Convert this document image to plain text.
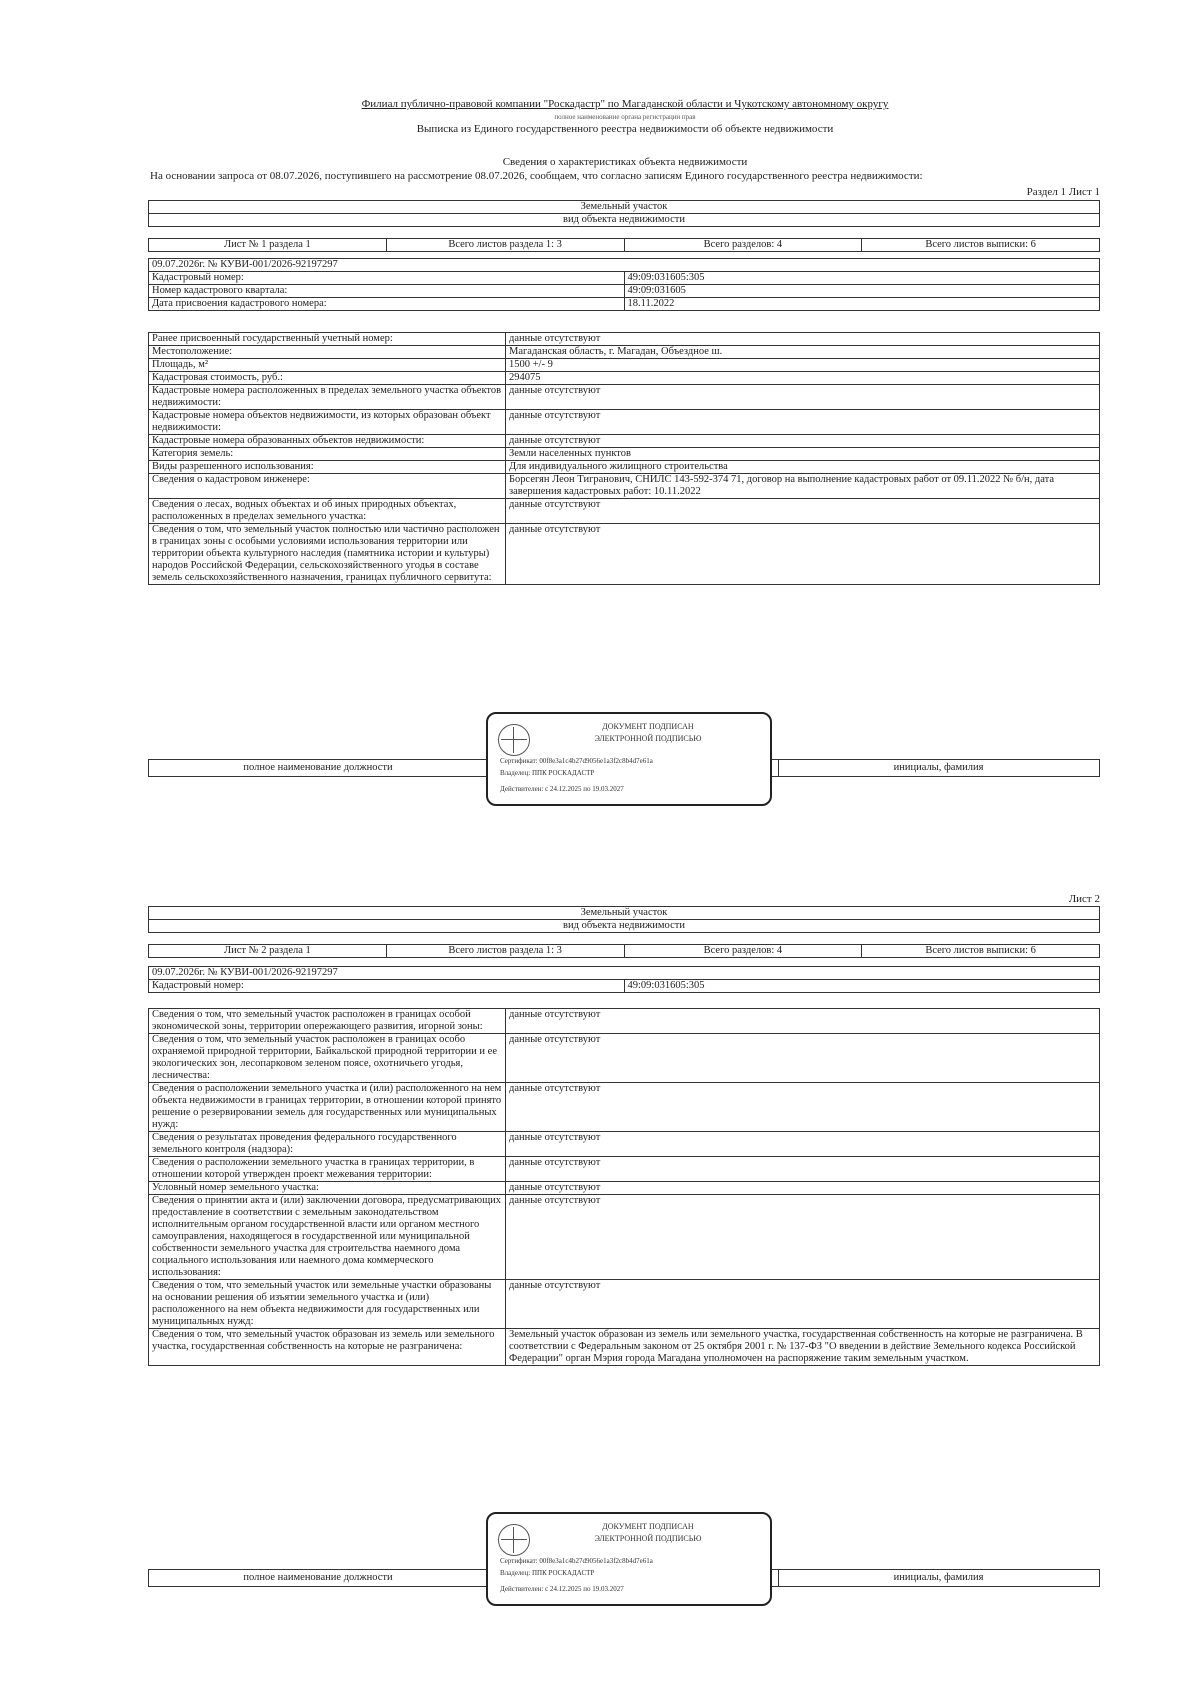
Филиал публично-правовой компании "Роскадастр" по Магаданской области и Чукотскому автономному округу
полное наименование органа регистрации прав
Выписка из Единого государственного реестра недвижимости об объекте недвижимости
Сведения о характеристиках объекта недвижимости
На основании запроса от 08.07.2026, поступившего на рассмотрение 08.07.2026, сообщаем, что согласно записям Единого государственного реестра недвижимости:
Раздел 1 Лист 1
Земельный участок
вид объекта недвижимости
Лист № 1 раздела 1	Всего листов раздела 1: 3	Всего разделов: 4	Всего листов выписки: 6
09.07.2026г. № КУВИ-001/2026-92197297	
Кадастровый номер:	49:09:031605:305
Номер кадастрового квартала:	49:09:031605
Дата присвоения кадастрового номера:	18.11.2022
Ранее присвоенный государственный учетный номер:	данные отсутствуют
Местоположение:	Магаданская область, г. Магадан, Объездное ш.
Площадь, м²	1500 +/- 9
Кадастровая стоимость, руб.:	294075
Кадастровые номера расположенных в пределах земельного участка объектов недвижимости:	данные отсутствуют
Кадастровые номера объектов недвижимости, из которых образован объект недвижимости:	данные отсутствуют
Кадастровые номера образованных объектов недвижимости:	данные отсутствуют
Категория земель:	Земли населенных пунктов
Виды разрешенного использования:	Для индивидуального жилищного строительства
Сведения о кадастровом инженере:	Борсегян Леон Тигранович, СНИЛС 143-592-374 71, договор на выполнение кадастровых работ от 09.11.2022 № б/н, дата завершения кадастровых работ: 10.11.2022
Сведения о лесах, водных объектах и об иных природных объектах, расположенных в пределах земельного участка:	данные отсутствуют
Сведения о том, что земельный участок полностью или частично расположен в границах зоны с особыми условиями использования территории или территории объекта культурного наследия (памятника истории и культуры) народов Российской Федерации, сельскохозяйственного угодья в составе земель сельскохозяйственного назначения, границах публичного сервитута:	данные отсутствуют
полное наименование должности	инициалы, фамилия
ДОКУМЕНТ ПОДПИСАН
ЭЛЕКТРОННОЙ ПОДПИСЬЮ
Сертификат: 00f8e3a1c4b27d9056e1a3f2c8b4d7e61a
Владелец: ППК РОСКАДАСТР
Действителен: с 24.12.2025 по 19.03.2027
Лист 2
Земельный участок
вид объекта недвижимости
Лист № 2 раздела 1	Всего листов раздела 1: 3	Всего разделов: 4	Всего листов выписки: 6
09.07.2026г. № КУВИ-001/2026-92197297
Кадастровый номер:	49:09:031605:305
Сведения о том, что земельный участок расположен в границах особой экономической зоны, территории опережающего развития, игорной зоны:	данные отсутствуют
Сведения о том, что земельный участок расположен в границах особо охраняемой природной территории, Байкальской природной территории и ее экологических зон, лесопарковом зеленом поясе, охотничьего угодья, лесничества:	данные отсутствуют
Сведения о расположении земельного участка и (или) расположенного на нем объекта недвижимости в границах территории, в отношении которой принято решение о резервировании земель для государственных или муниципальных нужд:	данные отсутствуют
Сведения о результатах проведения федерального государственного земельного контроля (надзора):	данные отсутствуют
Сведения о расположении земельного участка в границах территории, в отношении которой утвержден проект межевания территории:	данные отсутствуют
Условный номер земельного участка:	данные отсутствуют
Сведения о принятии акта и (или) заключении договора, предусматривающих предоставление в соответствии с земельным законодательством исполнительным органом государственной власти или органом местного самоуправления, находящегося в государственной или муниципальной собственности земельного участка для строительства наемного дома социального использования или наемного дома коммерческого использования:	данные отсутствуют
Сведения о том, что земельный участок или земельные участки образованы на основании решения об изъятии земельного участка и (или) расположенного на нем объекта недвижимости для государственных или муниципальных нужд:	данные отсутствуют
Сведения о том, что земельный участок образован из земель или земельного участка, государственная собственность на которые не разграничена:	Земельный участок образован из земель или земельного участка, государственная собственность на которые не разграничена. В соответствии с Федеральным законом от 25 октября 2001 г. № 137-ФЗ "О введении в действие Земельного кодекса Российской Федерации" орган Мэрия города Магадана уполномочен на распоряжение таким земельным участком.
полное наименование должности	инициалы, фамилия
ДОКУМЕНТ ПОДПИСАН
ЭЛЕКТРОННОЙ ПОДПИСЬЮ
Сертификат: 00f8e3a1c4b27d9056e1a3f2c8b4d7e61a
Владелец: ППК РОСКАДАСТР
Действителен: с 24.12.2025 по 19.03.2027
